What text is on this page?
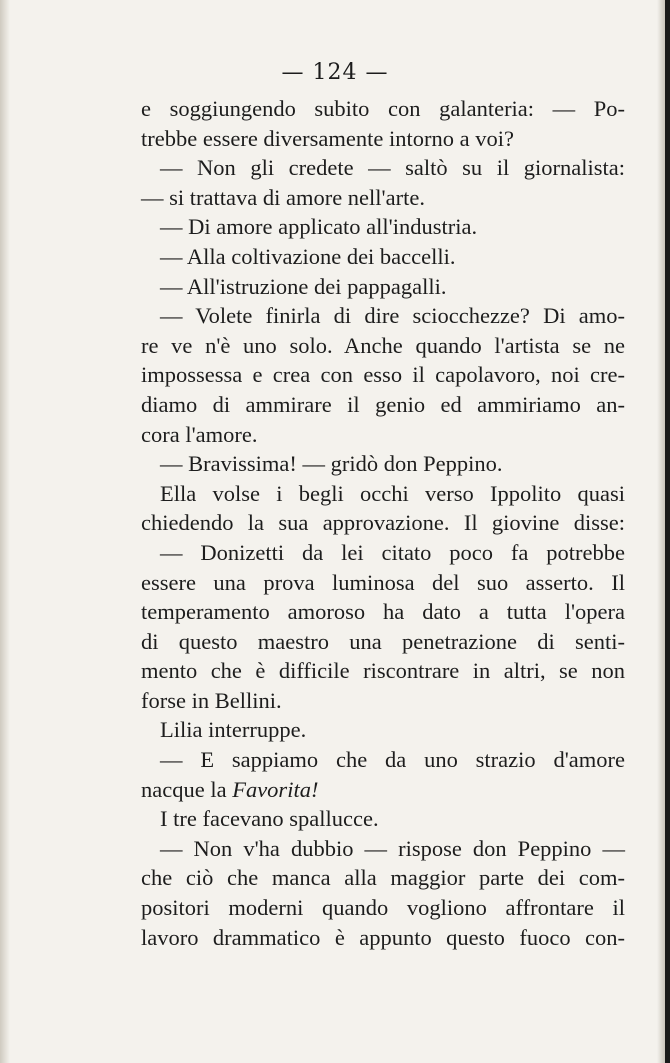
— 124 —
e soggiungendo subito con galanteria: — Po-
trebbe essere diversamente intorno a voi?
— Non gli credete — saltò su il giornalista:
— si trattava di amore nell'arte.
— Di amore applicato all'industria.
— Alla coltivazione dei baccelli.
— All'istruzione dei pappagalli.
— Volete finirla di dire sciocchezze? Di amo-
re ve n'è uno solo. Anche quando l'artista se ne
impossessa e crea con esso il capolavoro, noi cre-
diamo di ammirare il genio ed ammiriamo an-
cora l'amore.
— Bravissima! — gridò don Peppino.
Ella volse i begli occhi verso Ippolito quasi
chiedendo la sua approvazione. Il giovine disse:
— Donizetti da lei citato poco fa potrebbe
essere una prova luminosa del suo asserto. Il
temperamento amoroso ha dato a tutta l'opera
di questo maestro una penetrazione di senti-
mento che è difficile riscontrare in altri, se non
forse in Bellini.
Lilia interruppe.
— E sappiamo che da uno strazio d'amore
nacque la Favorita!
I tre facevano spallucce.
— Non v'ha dubbio — rispose don Peppino —
che ciò che manca alla maggior parte dei com-
positori moderni quando vogliono affrontare il
lavoro drammatico è appunto questo fuoco con-
